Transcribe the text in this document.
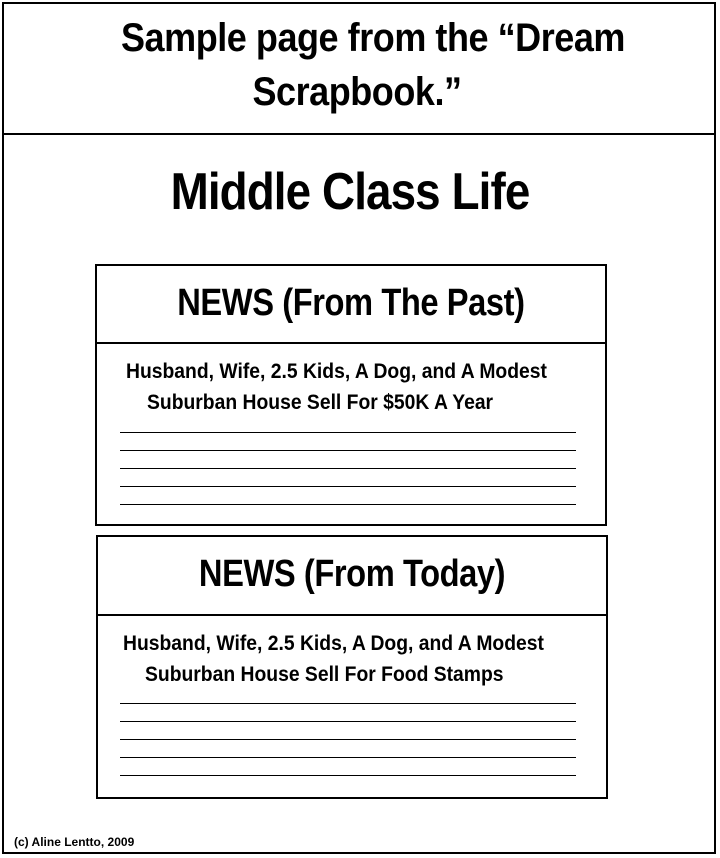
Sample page from the “Dream
Scrapbook.”
Middle Class Life
NEWS (From The Past)
Husband, Wife, 2.5 Kids, A Dog, and A Modest
Suburban House Sell For $50K A Year
NEWS (From Today)
Husband, Wife, 2.5 Kids, A Dog, and A Modest
Suburban House Sell For Food Stamps
(c) Aline Lentto, 2009
